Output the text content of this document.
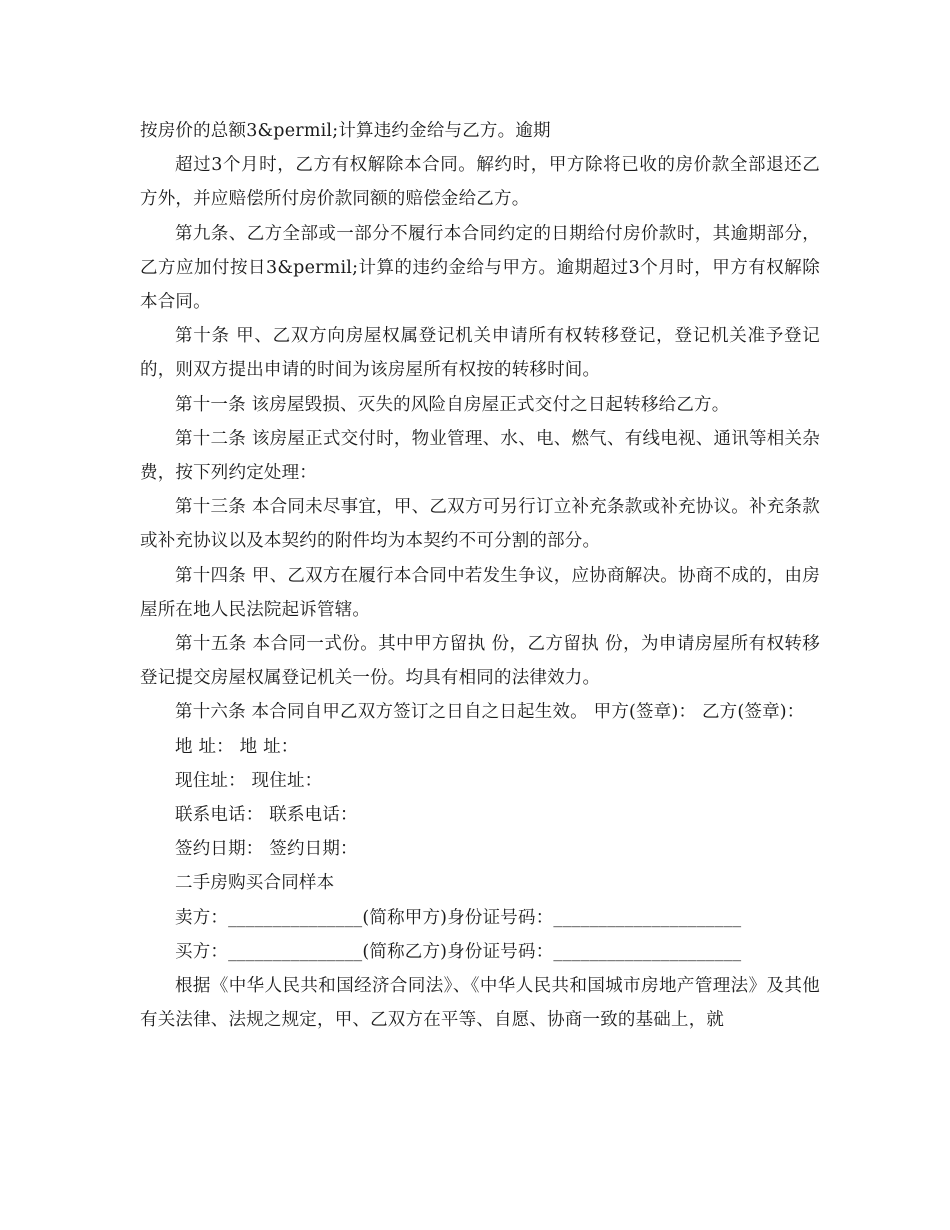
按房价的总额3&permil;计算违约金给与乙方。逾期

超过3个月时，乙方有权解除本合同。解约时，甲方除将已收的房价款全部退还乙方外，并应赔偿所付房价款同额的赔偿金给乙方。

第九条、乙方全部或一部分不履行本合同约定的日期给付房价款时，其逾期部分，乙方应加付按日3&permil;计算的违约金给与甲方。逾期超过3个月时，甲方有权解除本合同。

第十条 甲、乙双方向房屋权属登记机关申请所有权转移登记，登记机关准予登记的，则双方提出申请的时间为该房屋所有权按的转移时间。

第十一条 该房屋毁损、灭失的风险自房屋正式交付之日起转移给乙方。

第十二条 该房屋正式交付时，物业管理、水、电、燃气、有线电视、通讯等相关杂费，按下列约定处理：

第十三条 本合同未尽事宜，甲、乙双方可另行订立补充条款或补充协议。补充条款或补充协议以及本契约的附件均为本契约不可分割的部分。

第十四条 甲、乙双方在履行本合同中若发生争议，应协商解决。协商不成的，由房屋所在地人民法院起诉管辖。

第十五条 本合同一式份。其中甲方留执 份，乙方留执 份，为申请房屋所有权转移登记提交房屋权属登记机关一份。均具有相同的法律效力。

第十六条 本合同自甲乙双方签订之日自之日起生效。 甲方(签章)： 乙方(签章)：

地 址： 地 址：

现住址： 现住址：

联系电话： 联系电话：

签约日期： 签约日期：

二手房购买合同样本

卖方：_______________(简称甲方)身份证号码：_____________________

买方：_______________(简称乙方)身份证号码：_____________________

根据《中华人民共和国经济合同法》、《中华人民共和国城市房地产管理法》及其他有关法律、法规之规定，甲、乙双方在平等、自愿、协商一致的基础上，就
